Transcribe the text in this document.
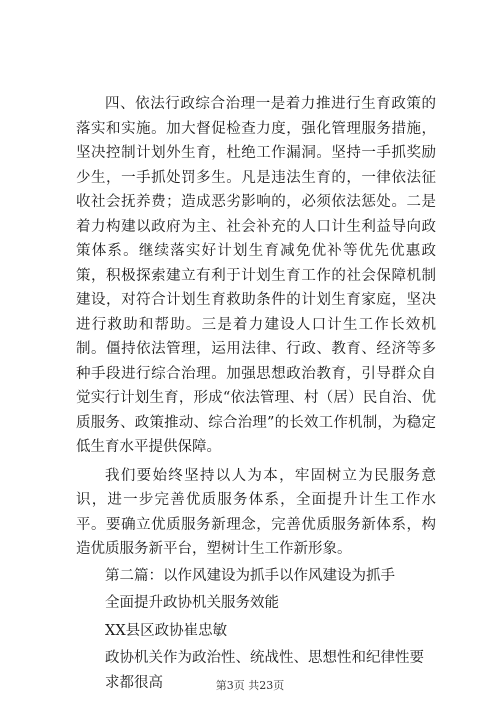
四、依法行政综合治理一是着力推进行生育政策的落实和实施。加大督促检查力度，强化管理服务措施，坚决控制计划外生育，杜绝工作漏洞。坚持一手抓奖励少生，一手抓处罚多生。凡是违法生育的，一律依法征收社会抚养费；造成恶劣影响的，必须依法惩处。二是着力构建以政府为主、社会补充的人口计生利益导向政策体系。继续落实好计划生育减免优补等优先优惠政策，积极探索建立有利于计划生育工作的社会保障机制建设，对符合计划生育救助条件的计划生育家庭，坚决进行救助和帮助。三是着力建设人口计生工作长效机制。僵持依法管理，运用法律、行政、教育、经济等多种手段进行综合治理。加强思想政治教育，引导群众自觉实行计划生育，形成“依法管理、村（居）民自治、优质服务、政策推动、综合治理”的长效工作机制，为稳定低生育水平提供保障。

我们要始终坚持以人为本，牢固树立为民服务意识，进一步完善优质服务体系，全面提升计生工作水平。要确立优质服务新理念，完善优质服务新体系，构造优质服务新平台，塑树计生工作新形象。

第二篇：以作风建设为抓手以作风建设为抓手

全面提升政协机关服务效能

XX县区政协崔忠敏

政协机关作为政治性、统战性、思想性和纪律性要求都很高	第3页 共23页
